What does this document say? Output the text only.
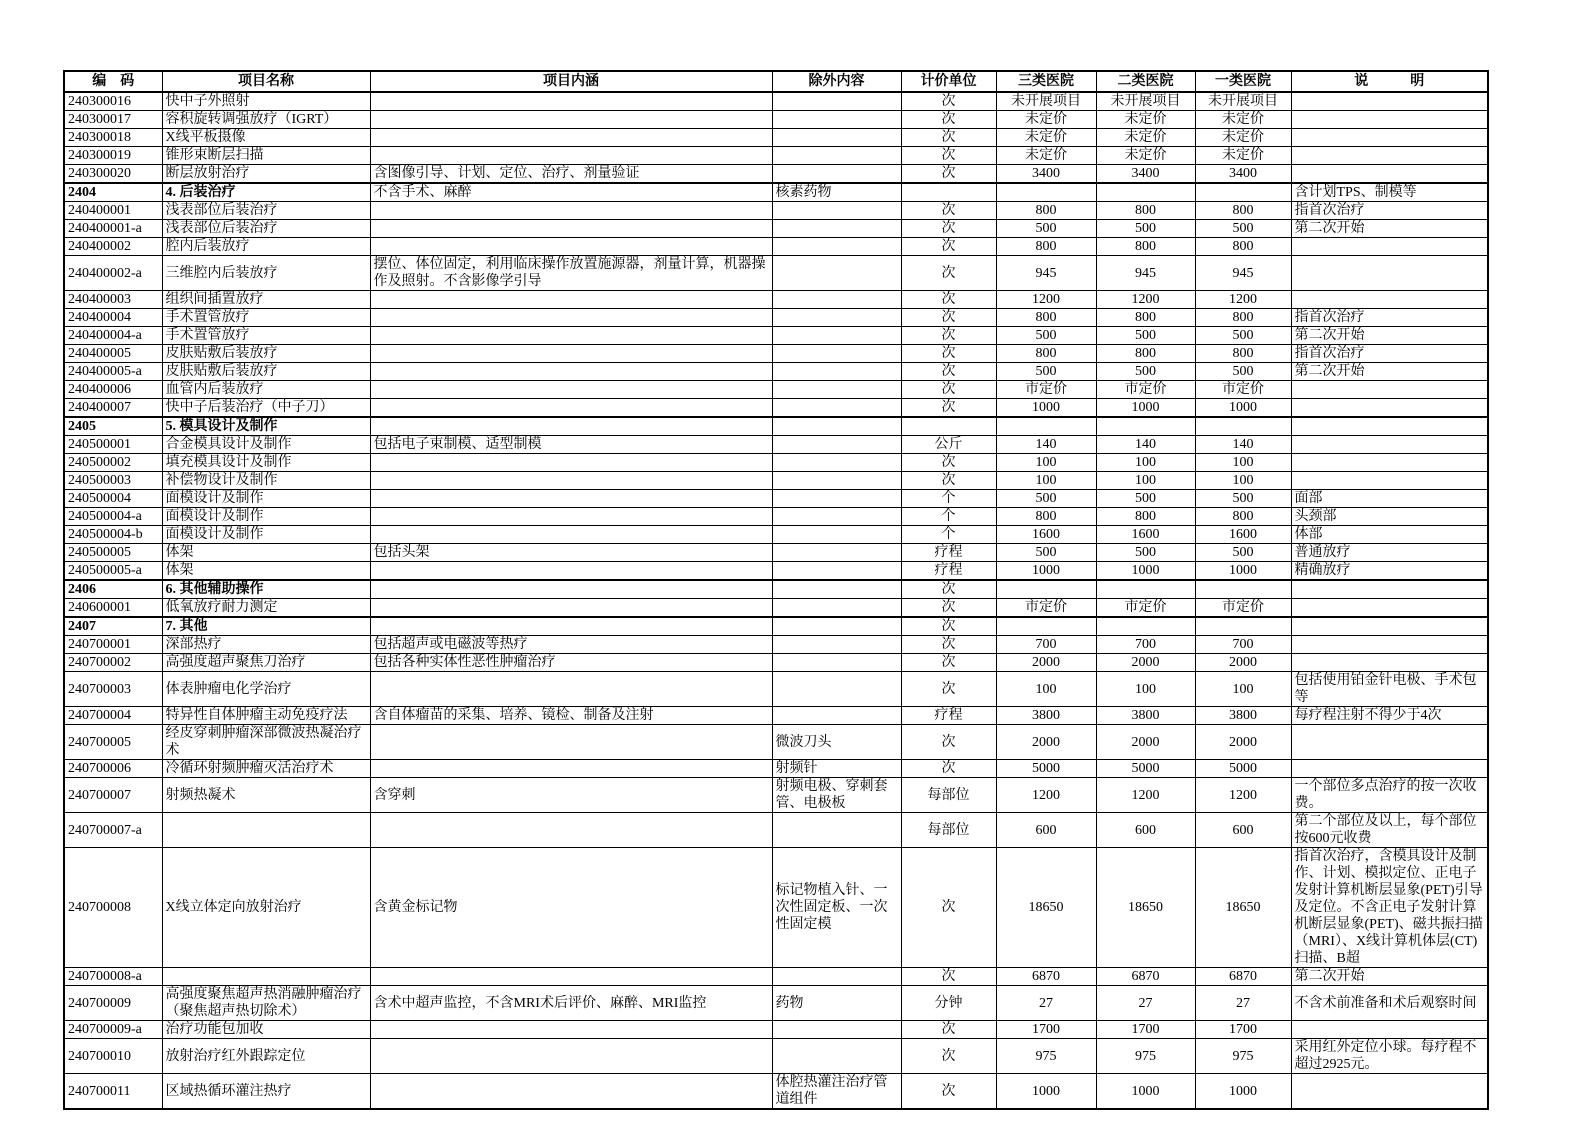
编　码	项目名称	项目内涵	除外内容	计价单位	三类医院	二类医院	一类医院	说　　　明
240300016	快中子外照射			次	未开展项目	未开展项目	未开展项目	
240300017	容积旋转调强放疗（IGRT）			次	未定价	未定价	未定价	
240300018	X线平板摄像			次	未定价	未定价	未定价	
240300019	锥形束断层扫描			次	未定价	未定价	未定价	
240300020	断层放射治疗	含图像引导、计划、定位、治疗、剂量验证		次	3400	3400	3400	
2404	4. 后装治疗	不含手术、麻醉	核素药物					含计划TPS、制模等
240400001	浅表部位后装治疗			次	800	800	800	指首次治疗
240400001-a	浅表部位后装治疗			次	500	500	500	第二次开始
240400002	腔内后装放疗			次	800	800	800	
240400002-a	三维腔内后装放疗	摆位、体位固定，利用临床操作放置施源器，剂量计算，机器操作及照射。不含影像学引导		次	945	945	945	
240400003	组织间插置放疗			次	1200	1200	1200	
240400004	手术置管放疗			次	800	800	800	指首次治疗
240400004-a	手术置管放疗			次	500	500	500	第二次开始
240400005	皮肤贴敷后装放疗			次	800	800	800	指首次治疗
240400005-a	皮肤贴敷后装放疗			次	500	500	500	第二次开始
240400006	血管内后装放疗			次	市定价	市定价	市定价	
240400007	快中子后装治疗（中子刀）			次	1000	1000	1000	
2405	5. 模具设计及制作							
240500001	合金模具设计及制作	包括电子束制模、适型制模		公斤	140	140	140	
240500002	填充模具设计及制作			次	100	100	100	
240500003	补偿物设计及制作			次	100	100	100	
240500004	面模设计及制作			个	500	500	500	面部
240500004-a	面模设计及制作			个	800	800	800	头颈部
240500004-b	面模设计及制作			个	1600	1600	1600	体部
240500005	体架	包括头架		疗程	500	500	500	普通放疗
240500005-a	体架			疗程	1000	1000	1000	精确放疗
2406	6. 其他辅助操作			次				
240600001	低氧放疗耐力测定			次	市定价	市定价	市定价	
2407	7. 其他			次				
240700001	深部热疗	包括超声或电磁波等热疗		次	700	700	700	
240700002	高强度超声聚焦刀治疗	包括各种实体性恶性肿瘤治疗		次	2000	2000	2000	
240700003	体表肿瘤电化学治疗			次	100	100	100	包括使用铂金针电极、手术包等
240700004	特异性自体肿瘤主动免疫疗法	含自体瘤苗的采集、培养、镜检、制备及注射		疗程	3800	3800	3800	每疗程注射不得少于4次
240700005	经皮穿刺肿瘤深部微波热凝治疗术		微波刀头	次	2000	2000	2000	
240700006	冷循环射频肿瘤灭活治疗术		射频针	次	5000	5000	5000	
240700007	射频热凝术	含穿刺	射频电极、穿刺套管、电极板	每部位	1200	1200	1200	一个部位多点治疗的按一次收费。
240700007-a				每部位	600	600	600	第二个部位及以上，每个部位按600元收费
240700008	X线立体定向放射治疗	含黄金标记物	标记物植入针、一次性固定板、一次性固定模	次	18650	18650	18650	指首次治疗，含模具设计及制作、计划、模拟定位、正电子发射计算机断层显象(PET)引导及定位。不含正电子发射计算机断层显象(PET)、磁共振扫描（MRI）、X线计算机体层(CT)扫描、B超
240700008-a				次	6870	6870	6870	第二次开始
240700009	高强度聚焦超声热消融肿瘤治疗（聚焦超声热切除术）	含术中超声监控，不含MRI术后评价、麻醉、MRI监控	药物	分钟	27	27	27	不含术前准备和术后观察时间
240700009-a	治疗功能包加收			次	1700	1700	1700	
240700010	放射治疗红外跟踪定位			次	975	975	975	采用红外定位小球。每疗程不超过2925元。
240700011	区域热循环灌注热疗		体腔热灌注治疗管道组件	次	1000	1000	1000	
